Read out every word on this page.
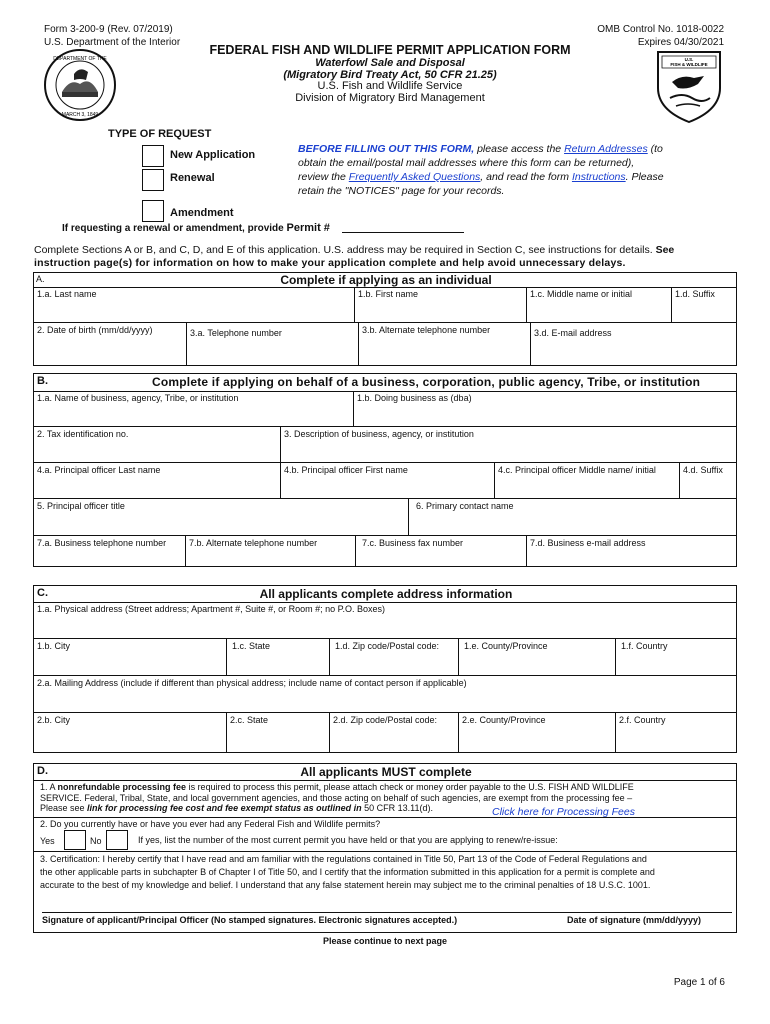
Form 3-200-9 (Rev. 07/2019)
U.S. Department of the Interior
OMB Control No. 1018-0022
Expires 04/30/2021
DEPARTMENT OF THE
MARCH 3, 1849
U.S.
FISH & WILDLIFE
FEDERAL FISH AND WILDLIFE PERMIT APPLICATION FORM
Waterfowl Sale and Disposal
(Migratory Bird Treaty Act, 50 CFR 21.25)
U.S. Fish and Wildlife Service
Division of Migratory Bird Management
TYPE OF REQUEST
New Application
Renewal
Amendment
If requesting a renewal or amendment, provide Permit #
BEFORE FILLING OUT THIS FORM, please access the Return Addresses (to
obtain the email/postal mail addresses where this form can be returned),
review the Frequently Asked Questions, and read the form Instructions. Please
retain the "NOTICES" page for your records.
Complete Sections A or B, and C, D, and E of this application. U.S. address may be required in Section C, see instructions for details. See
instruction page(s) for information on how to make your application complete and help avoid unnecessary delays.
A.	Complete if applying as an individual
1.a. Last name	1.b. First name	1.c. Middle name or initial	1.d. Suffix
2. Date of birth (mm/dd/yyyy)	3.a. Telephone number	3.b. Alternate telephone number	3.d. E-mail address
B.	Complete if applying on behalf of a business, corporation, public agency, Tribe, or institution
1.a. Name of business, agency, Tribe, or institution	1.b. Doing business as (dba)
2. Tax identification no.	3. Description of business, agency, or institution
4.a. Principal officer Last name	4.b. Principal officer First name	4.c. Principal officer Middle name/ initial	4.d. Suffix
5. Principal officer title	6. Primary contact name
7.a. Business telephone number	7.b. Alternate telephone number	7.c. Business fax number	7.d. Business e-mail address
C.	All applicants complete address information
1.a. Physical address (Street address; Apartment #, Suite #, or Room #; no P.O. Boxes)
1.b. City	1.c. State	1.d. Zip code/Postal code:	1.e. County/Province	1.f. Country
2.a. Mailing Address (include if different than physical address; include name of contact person if applicable)
2.b. City	2.c. State	2.d. Zip code/Postal code:	2.e. County/Province	2.f. Country
D.	All applicants MUST complete
1. A nonrefundable processing fee is required to process this permit, please attach check or money order payable to the U.S. FISH AND WILDLIFE
SERVICE. Federal, Tribal, State, and local government agencies, and those acting on behalf of such agencies, are exempt from the processing fee –
Please see link for processing fee cost and fee exempt status as outlined in 50 CFR 13.11(d).	Click here for Processing Fees
2. Do you currently have or have you ever had any Federal Fish and Wildlife permits?
Yes	No	If yes, list the number of the most current permit you have held or that you are applying to renew/re-issue:
3. Certification: I hereby certify that I have read and am familiar with the regulations contained in Title 50, Part 13 of the Code of Federal Regulations and
the other applicable parts in subchapter B of Chapter I of Title 50, and I certify that the information submitted in this application for a permit is complete and
accurate to the best of my knowledge and belief. I understand that any false statement herein may subject me to the criminal penalties of 18 U.S.C. 1001.
Signature of applicant/Principal Officer (No stamped signatures. Electronic signatures accepted.)	Date of signature (mm/dd/yyyy)
Please continue to next page
Page 1 of 6
